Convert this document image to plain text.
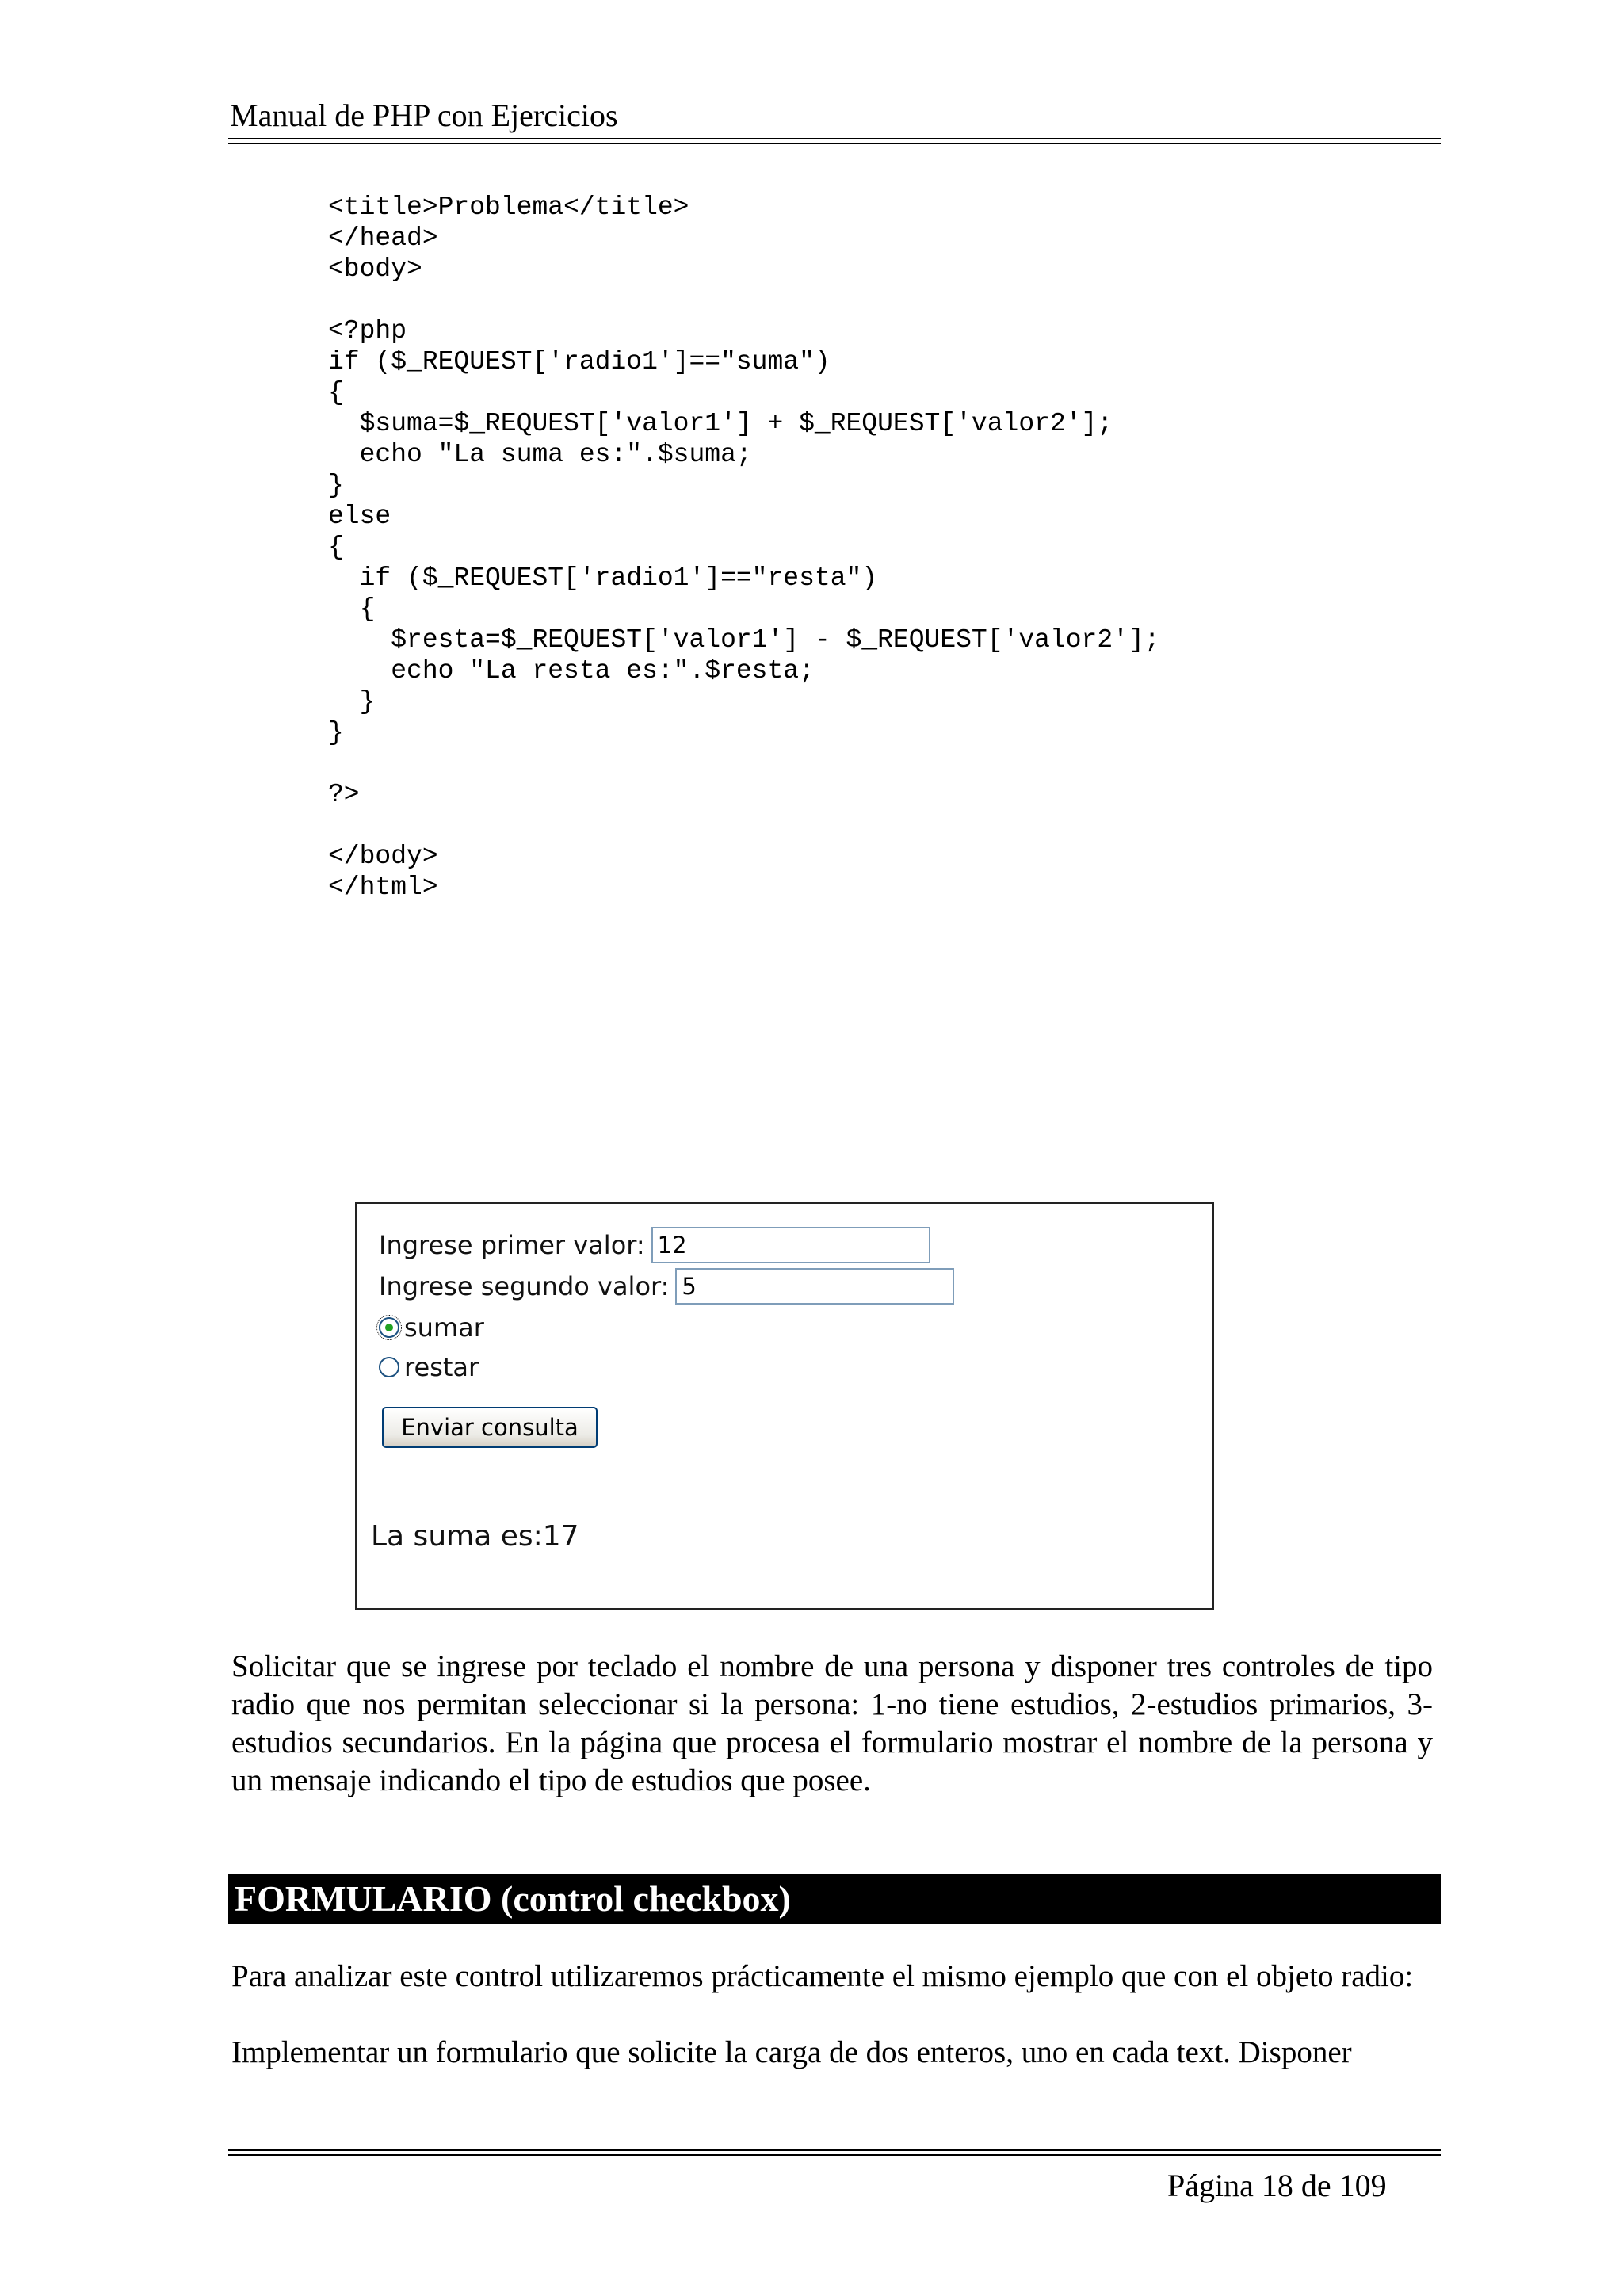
Manual de PHP con Ejercicios
<title>Problema</title>
</head>
<body>

<?php
if ($_REQUEST['radio1']=="suma")
{
$suma=$_REQUEST['valor1'] + $_REQUEST['valor2'];
echo "La suma es:".$suma;
}
else
{
if ($_REQUEST['radio1']=="resta")
{
$resta=$_REQUEST['valor1'] - $_REQUEST['valor2'];
echo "La resta es:".$resta;
}
}

?>

</body>
</html>

Ingrese primer valor: 12
Ingrese segundo valor: 5
sumar
restar
Enviar consulta
La suma es:17

Solicitar que se ingrese por teclado el nombre de una persona y disponer tres controles de tipo radio que nos permitan seleccionar si la persona: 1-no tiene estudios, 2-estudios primarios, 3-estudios secundarios. En la página que procesa el formulario mostrar el nombre de la persona y un mensaje indicando el tipo de estudios que posee.

FORMULARIO (control checkbox)

Para analizar este control utilizaremos prácticamente el mismo ejemplo que con el objeto radio:

Implementar un formulario que solicite la carga de dos enteros, uno en cada text. Disponer

Página 18 de 109
